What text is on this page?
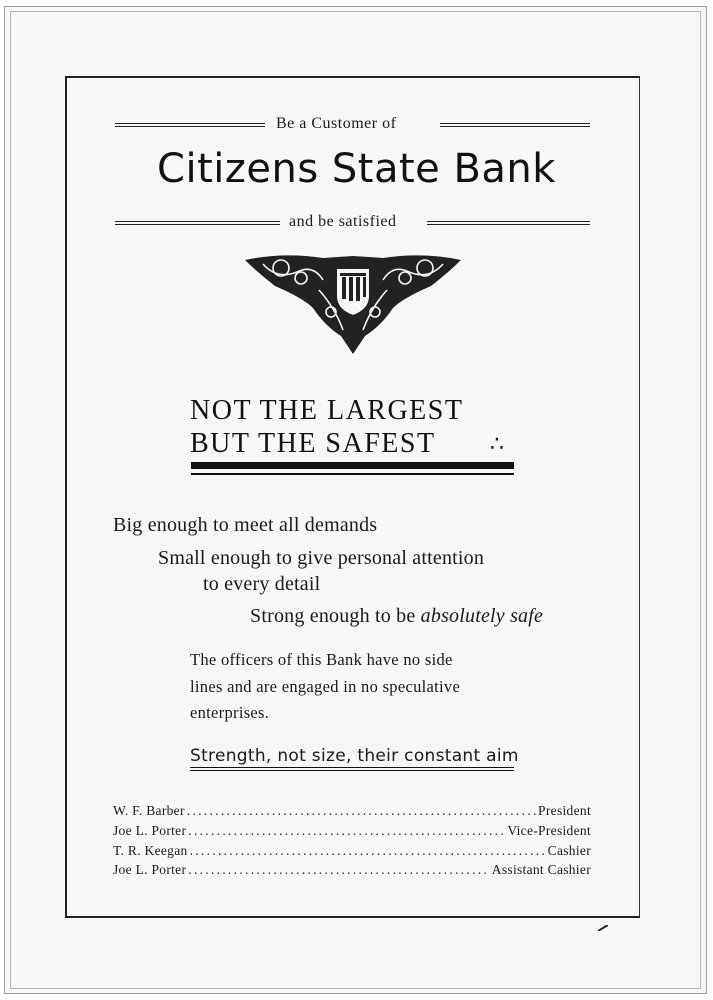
Be a Customer of
Citizens State Bank
and be satisfied
NOT THE LARGEST
BUT THE SAFEST ∴
Big enough to meet all demands
Small enough to give personal attention
to every detail
Strong enough to be absolutely safe
The officers of this Bank have no side
lines and are engaged in no speculative
enterprises.
Strength, not size, their constant aim
W. F. Barber .....	President
Joe L. Porter .....	Vice-President
T. R. Keegan .....	Cashier
Joe L. Porter .....	Assistant Cashier
